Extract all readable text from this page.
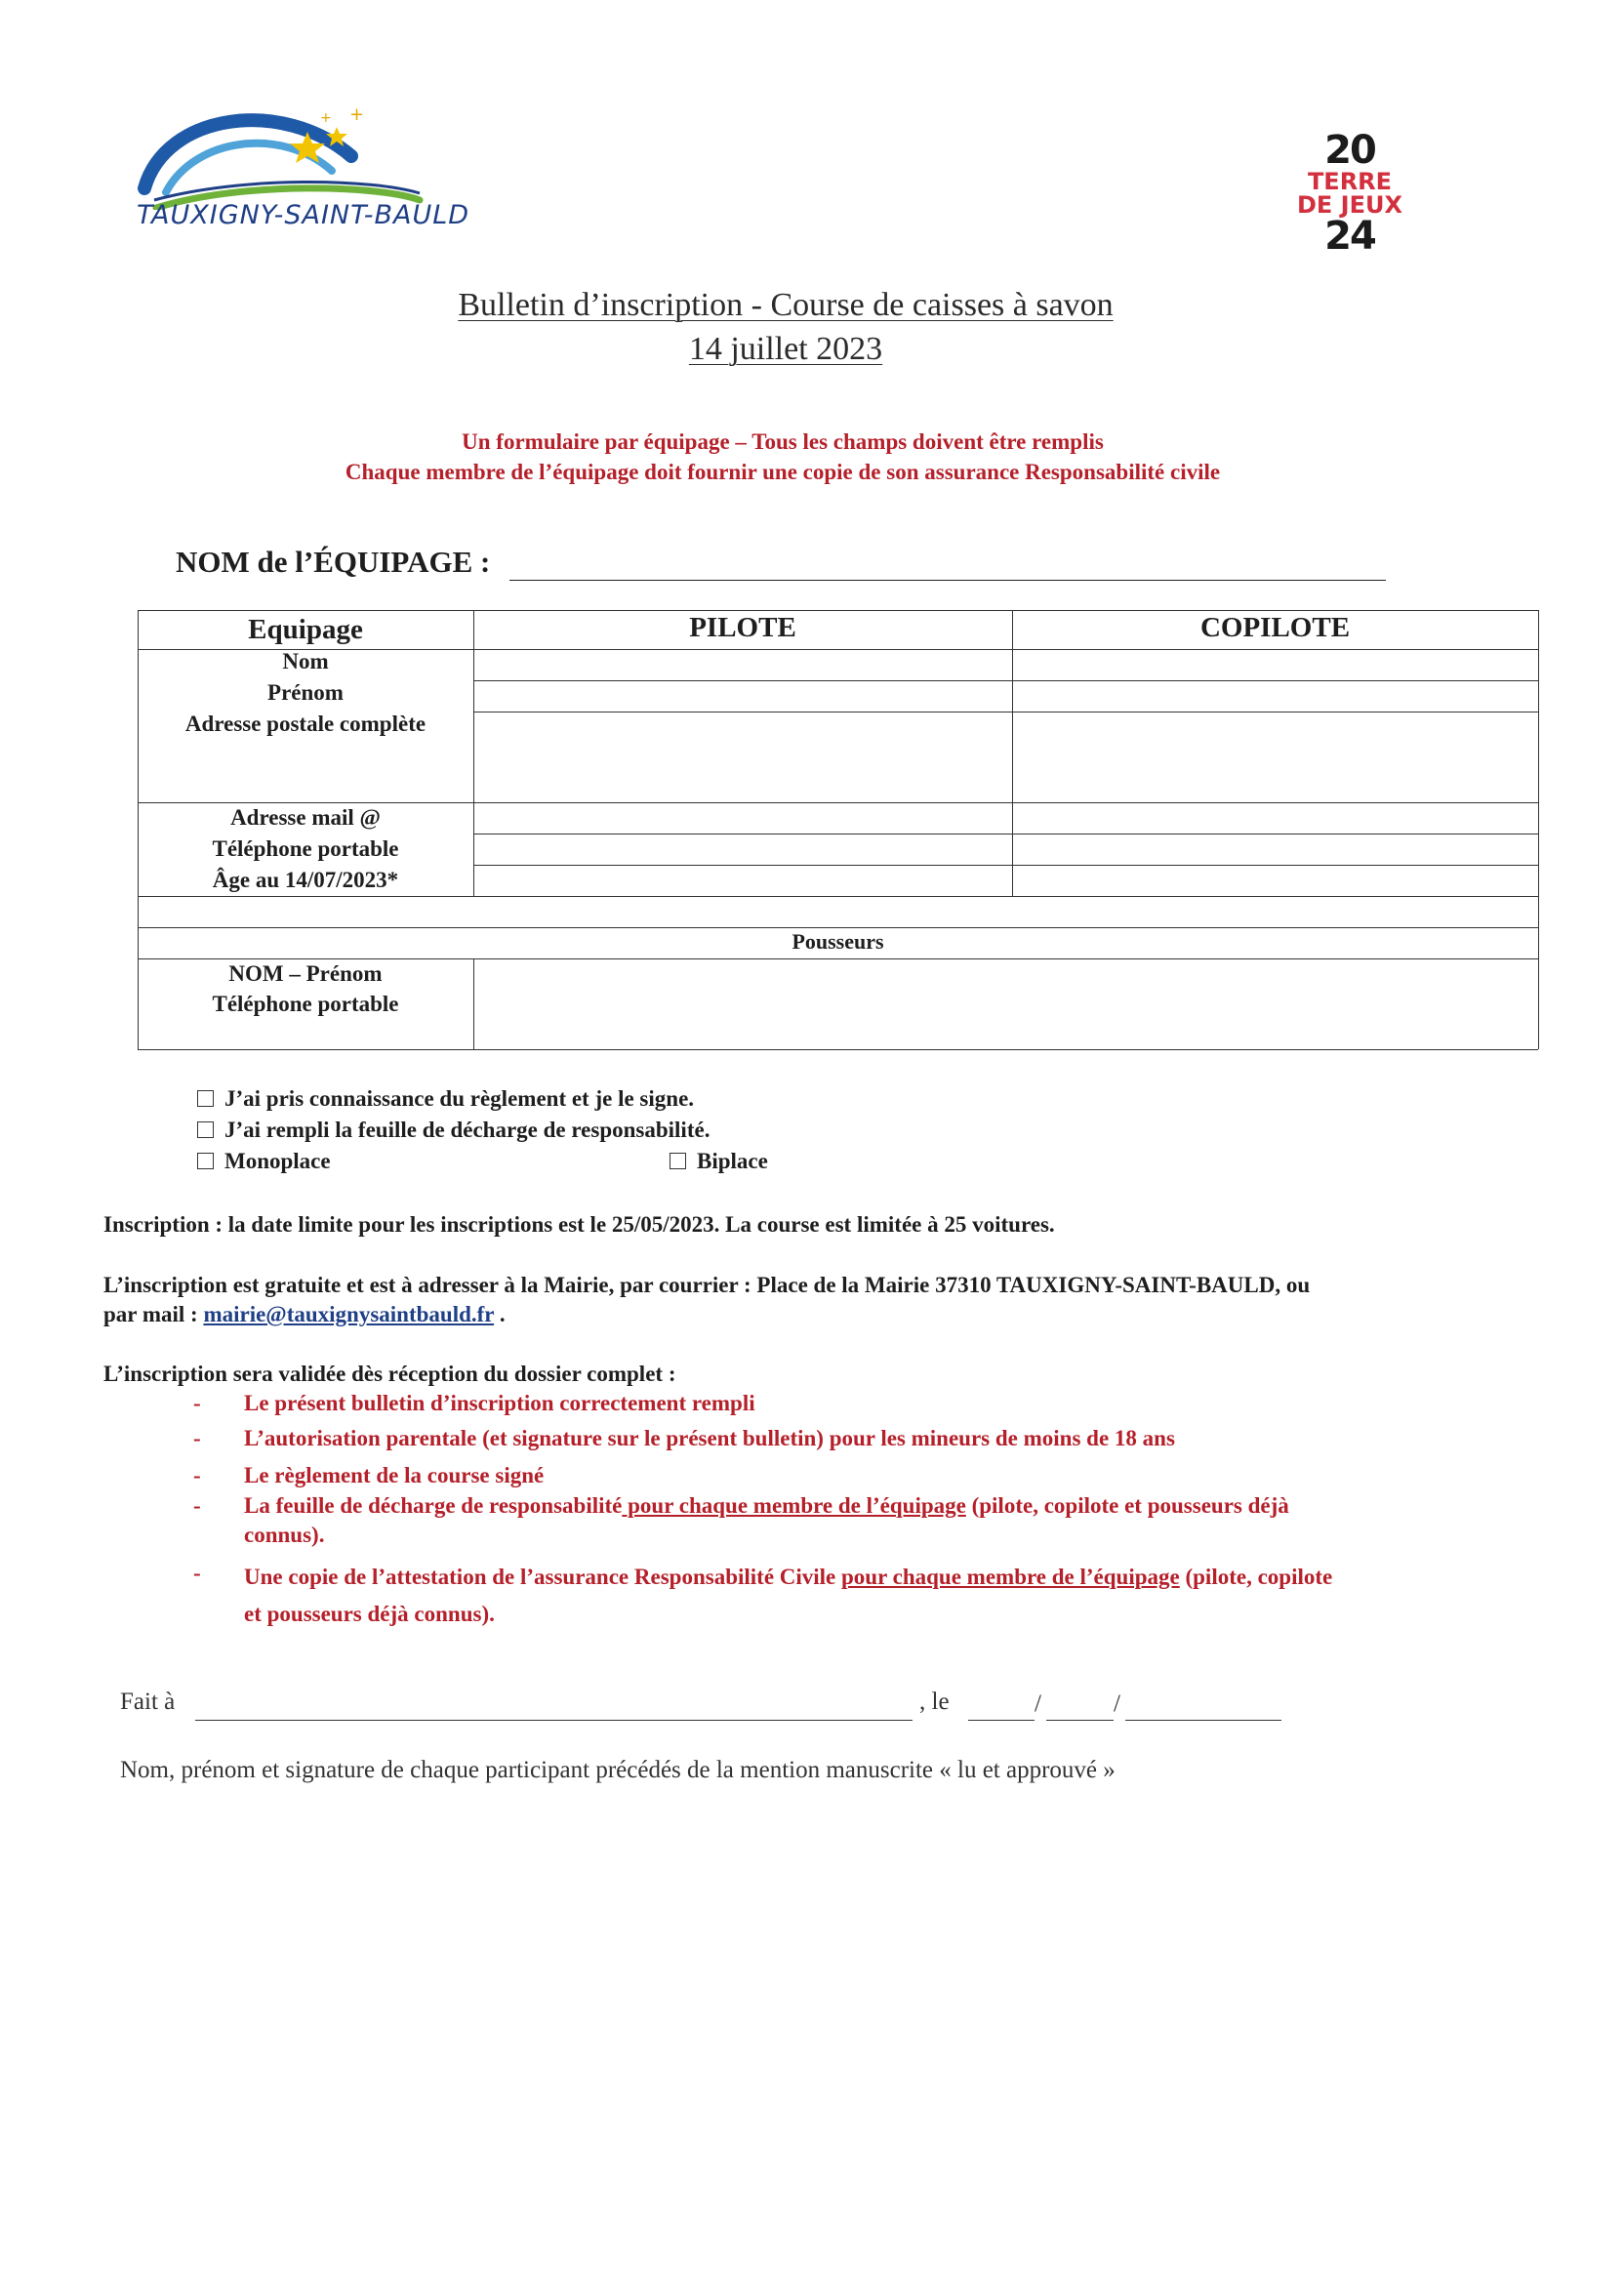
+
+
TAUXIGNY-SAINT-BAULD
20
TERRE
DE JEUX
24
Bulletin d’inscription - Course de caisses à savon
14 juillet 2023
Un formulaire par équipage – Tous les champs doivent être remplis
Chaque membre de l’équipage doit fournir une copie de son assurance Responsabilité civile
NOM de l’ÉQUIPAGE :
Equipage	PILOTE	COPILOTE
Nom
Prénom
Adresse postale complète
Adresse mail @
Téléphone portable
Âge au 14/07/2023*
Pousseurs
NOM – Prénom
Téléphone portable
J’ai pris connaissance du règlement et je le signe.
J’ai rempli la feuille de décharge de responsabilité.
Monoplace	Biplace
Inscription : la date limite pour les inscriptions est le 25/05/2023. La course est limitée à 25 voitures.
L’inscription est gratuite et est à adresser à la Mairie, par courrier : Place de la Mairie 37310 TAUXIGNY-SAINT-BAULD, ou
par mail : mairie@tauxignysaintbauld.fr .
L’inscription sera validée dès réception du dossier complet :
- Le présent bulletin d’inscription correctement rempli
- L’autorisation parentale (et signature sur le présent bulletin) pour les mineurs de moins de 18 ans
- Le règlement de la course signé
- La feuille de décharge de responsabilité pour chaque membre de l’équipage (pilote, copilote et pousseurs déjà
connus).
- Une copie de l’attestation de l’assurance Responsabilité Civile pour chaque membre de l’équipage (pilote, copilote
et pousseurs déjà connus).
Fait à	, le	/	/
Nom, prénom et signature de chaque participant précédés de la mention manuscrite « lu et approuvé »
